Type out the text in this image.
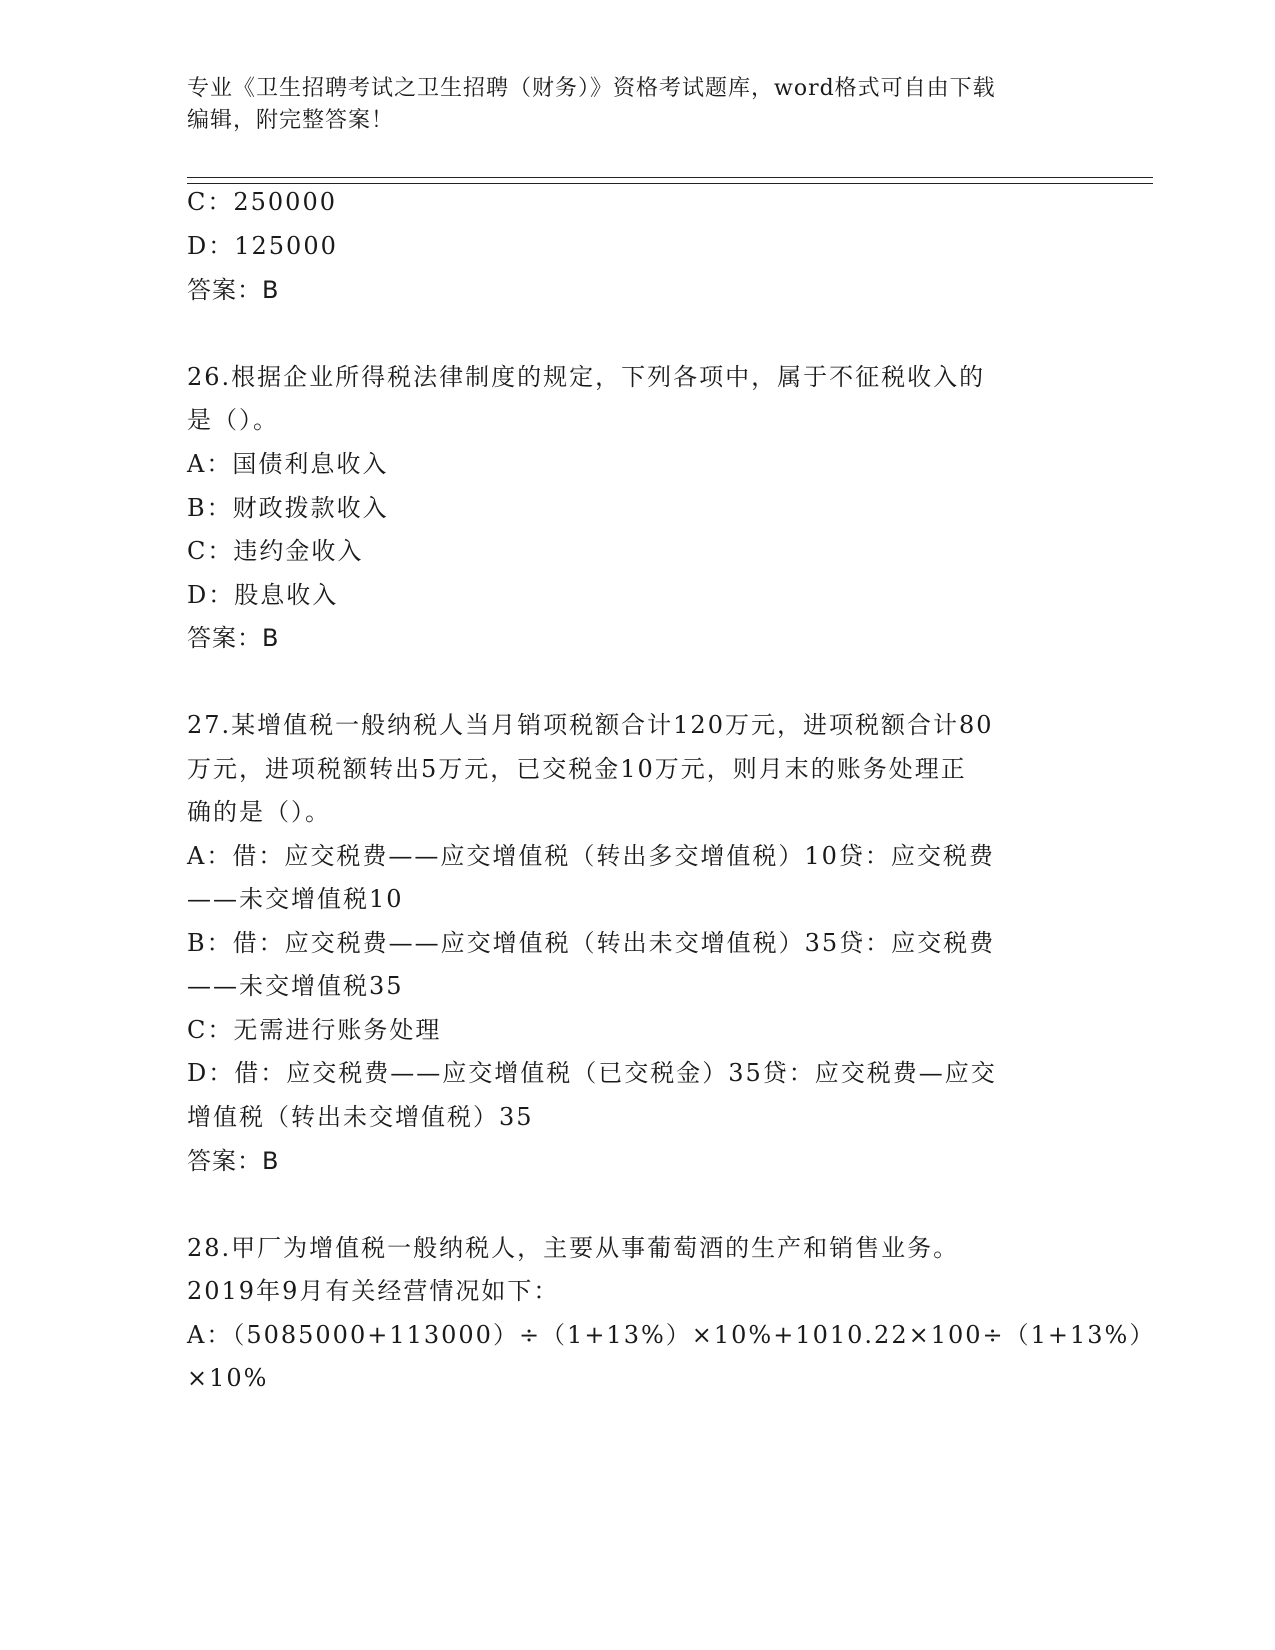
专业《卫生招聘考试之卫生招聘（财务）》资格考试题库，word格式可自由下载
编辑，附完整答案！
C：250000
D：125000
答案：B
26.根据企业所得税法律制度的规定，下列各项中，属于不征税收入的
是（）。
A：国债利息收入
B：财政拨款收入
C：违约金收入
D：股息收入
答案：B
27.某增值税一般纳税人当月销项税额合计120万元，进项税额合计80
万元，进项税额转出5万元，已交税金10万元，则月末的账务处理正
确的是（）。
A：借：应交税费——应交增值税（转出多交增值税）10贷：应交税费
——未交增值税10
B：借：应交税费——应交增值税（转出未交增值税）35贷：应交税费
——未交增值税35
C：无需进行账务处理
D：借：应交税费——应交增值税（已交税金）35贷：应交税费—应交
增值税（转出未交增值税）35
答案：B
28.甲厂为增值税一般纳税人，主要从事葡萄酒的生产和销售业务。
2019年9月有关经营情况如下：
A：（5085000+113000）÷（1+13%）×10%+1010.22×100÷（1+13%）
×10%
